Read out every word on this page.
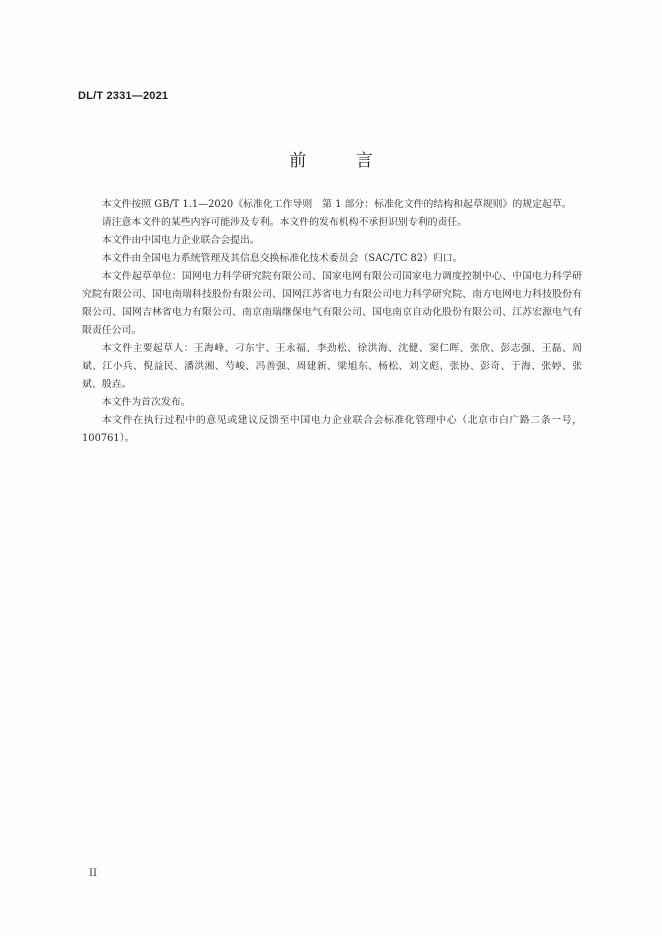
DL/T 2331—2021
前 言

本文件按照 GB/T 1.1—2020《标准化工作导则　第 1 部分：标准化文件的结构和起草规则》的规定起草。

请注意本文件的某些内容可能涉及专利。本文件的发布机构不承担识别专利的责任。

本文件由中国电力企业联合会提出。

本文件由全国电力系统管理及其信息交换标准化技术委员会（SAC/TC 82）归口。

本文件起草单位：国网电力科学研究院有限公司、国家电网有限公司国家电力调度控制中心、中国电力科学研究院有限公司、国电南瑞科技股份有限公司、国网江苏省电力有限公司电力科学研究院、南方电网电力科技股份有限公司、国网吉林省电力有限公司、南京南瑞继保电气有限公司、国电南京自动化股份有限公司、江苏宏源电气有限责任公司。

本文件主要起草人：王海峰、刁东宇、王永福、李劲松、徐洪海、沈健、窦仁晖、张欣、彭志强、王磊、周斌、江小兵、倪益民、潘洪湘、芍峻、冯善强、周建新、梁旭东、杨松、刘文彪、张协、彭奇、于海、张婷、张斌、殷垚。

本文件为首次发布。

本文件在执行过程中的意见或建议反馈至中国电力企业联合会标准化管理中心（北京市白广路二条一号，100761）。

II
